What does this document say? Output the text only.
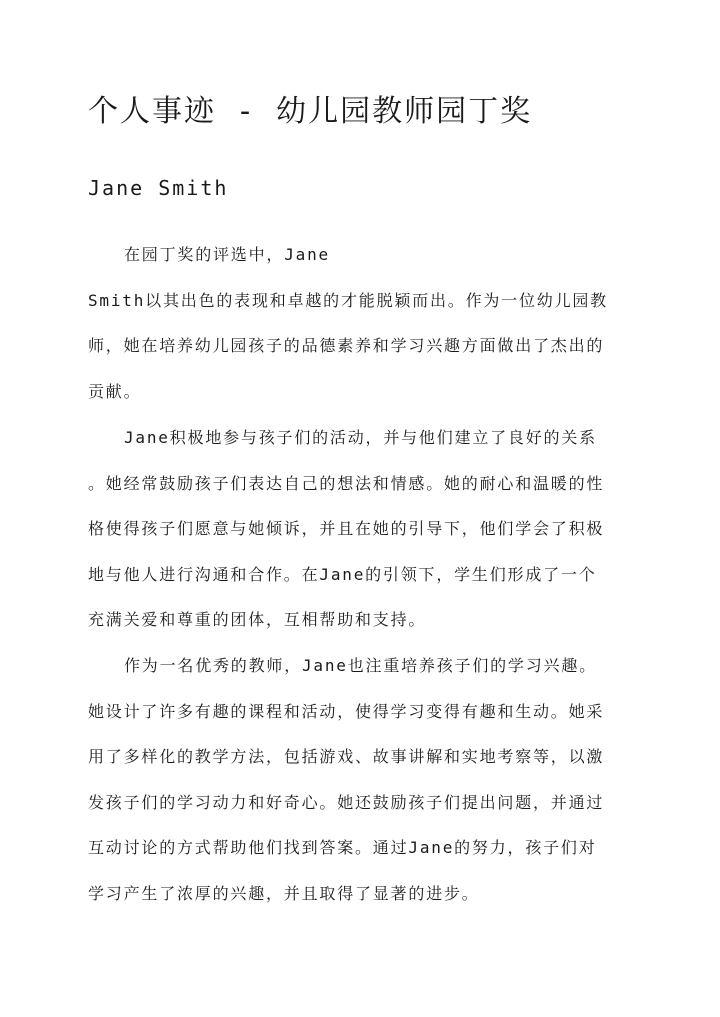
个人事迹 - 幼儿园教师园丁奖
Jane Smith

在园丁奖的评选中，Jane
Smith以其出色的表现和卓越的才能脱颖而出。作为一位幼儿园教
师，她在培养幼儿园孩子的品德素养和学习兴趣方面做出了杰出的
贡献。

Jane积极地参与孩子们的活动，并与他们建立了良好的关系
。她经常鼓励孩子们表达自己的想法和情感。她的耐心和温暖的性
格使得孩子们愿意与她倾诉，并且在她的引导下，他们学会了积极
地与他人进行沟通和合作。在Jane的引领下，学生们形成了一个
充满关爱和尊重的团体，互相帮助和支持。

作为一名优秀的教师，Jane也注重培养孩子们的学习兴趣。
她设计了许多有趣的课程和活动，使得学习变得有趣和生动。她采
用了多样化的教学方法，包括游戏、故事讲解和实地考察等，以激
发孩子们的学习动力和好奇心。她还鼓励孩子们提出问题，并通过
互动讨论的方式帮助他们找到答案。通过Jane的努力，孩子们对
学习产生了浓厚的兴趣，并且取得了显著的进步。
